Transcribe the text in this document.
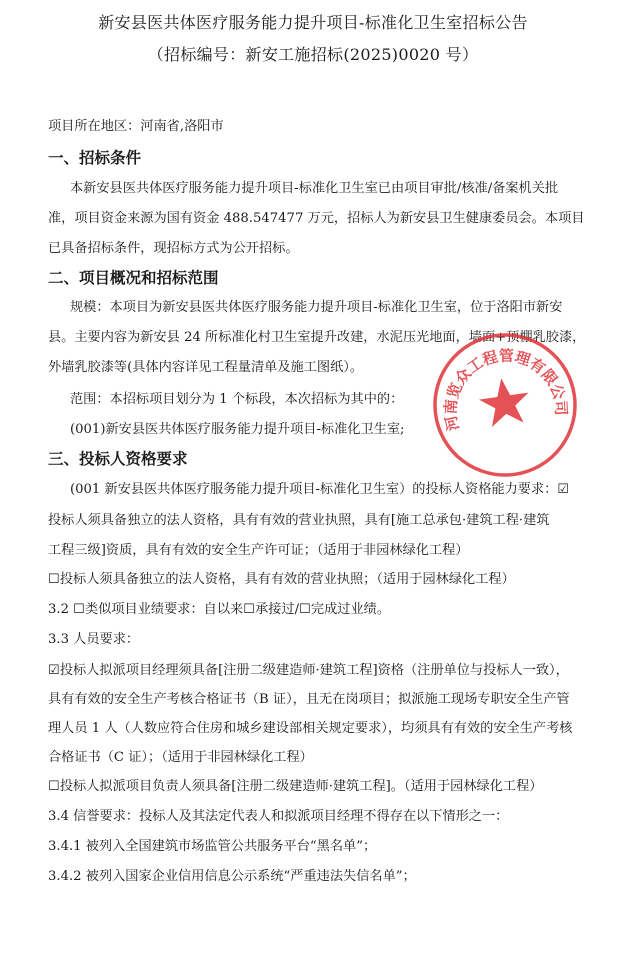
新安县医共体医疗服务能力提升项目-标准化卫生室招标公告
（招标编号：新安工施招标(2025)0020 号）
项目所在地区：河南省,洛阳市
一、招标条件
本新安县医共体医疗服务能力提升项目-标准化卫生室已由项目审批/核准/备案机关批
准，项目资金来源为国有资金 488.547477 万元，招标人为新安县卫生健康委员会。本项目
已具备招标条件，现招标方式为公开招标。
二、项目概况和招标范围
规模：本项目为新安县医共体医疗服务能力提升项目-标准化卫生室，位于洛阳市新安
县。主要内容为新安县 24 所标准化村卫生室提升改建，水泥压光地面，墙面+顶棚乳胶漆，
外墙乳胶漆等(具体内容详见工程量清单及施工图纸）。
范围：本招标项目划分为 1 个标段，本次招标为其中的：
(001)新安县医共体医疗服务能力提升项目-标准化卫生室;
三、投标人资格要求
(001 新安县医共体医疗服务能力提升项目-标准化卫生室）的投标人资格能力要求：☑
投标人须具备独立的法人资格，具有有效的营业执照，具有[施工总承包·建筑工程·建筑
工程三级]资质，具有有效的安全生产许可证；（适用于非园林绿化工程）
☐投标人须具备独立的法人资格，具有有效的营业执照；（适用于园林绿化工程）
3.2 ☐类似项目业绩要求：自以来☐承接过/☐完成过业绩。
3.3 人员要求：
☑投标人拟派项目经理须具备[注册二级建造师·建筑工程]资格（注册单位与投标人一致），
具有有效的安全生产考核合格证书（B 证），且无在岗项目；拟派施工现场专职安全生产管
理人员 1 人（人数应符合住房和城乡建设部相关规定要求），均须具有有效的安全生产考核
合格证书（C 证）；（适用于非园林绿化工程）
☐投标人拟派项目负责人须具备[注册二级建造师·建筑工程]。（适用于园林绿化工程）
3.4 信誉要求：投标人及其法定代表人和拟派项目经理不得存在以下情形之一：
3.4.1 被列入全国建筑市场监管公共服务平台“黑名单”；
3.4.2 被列入国家企业信用信息公示系统“严重违法失信名单”；
河南览众工程管理有限公司
